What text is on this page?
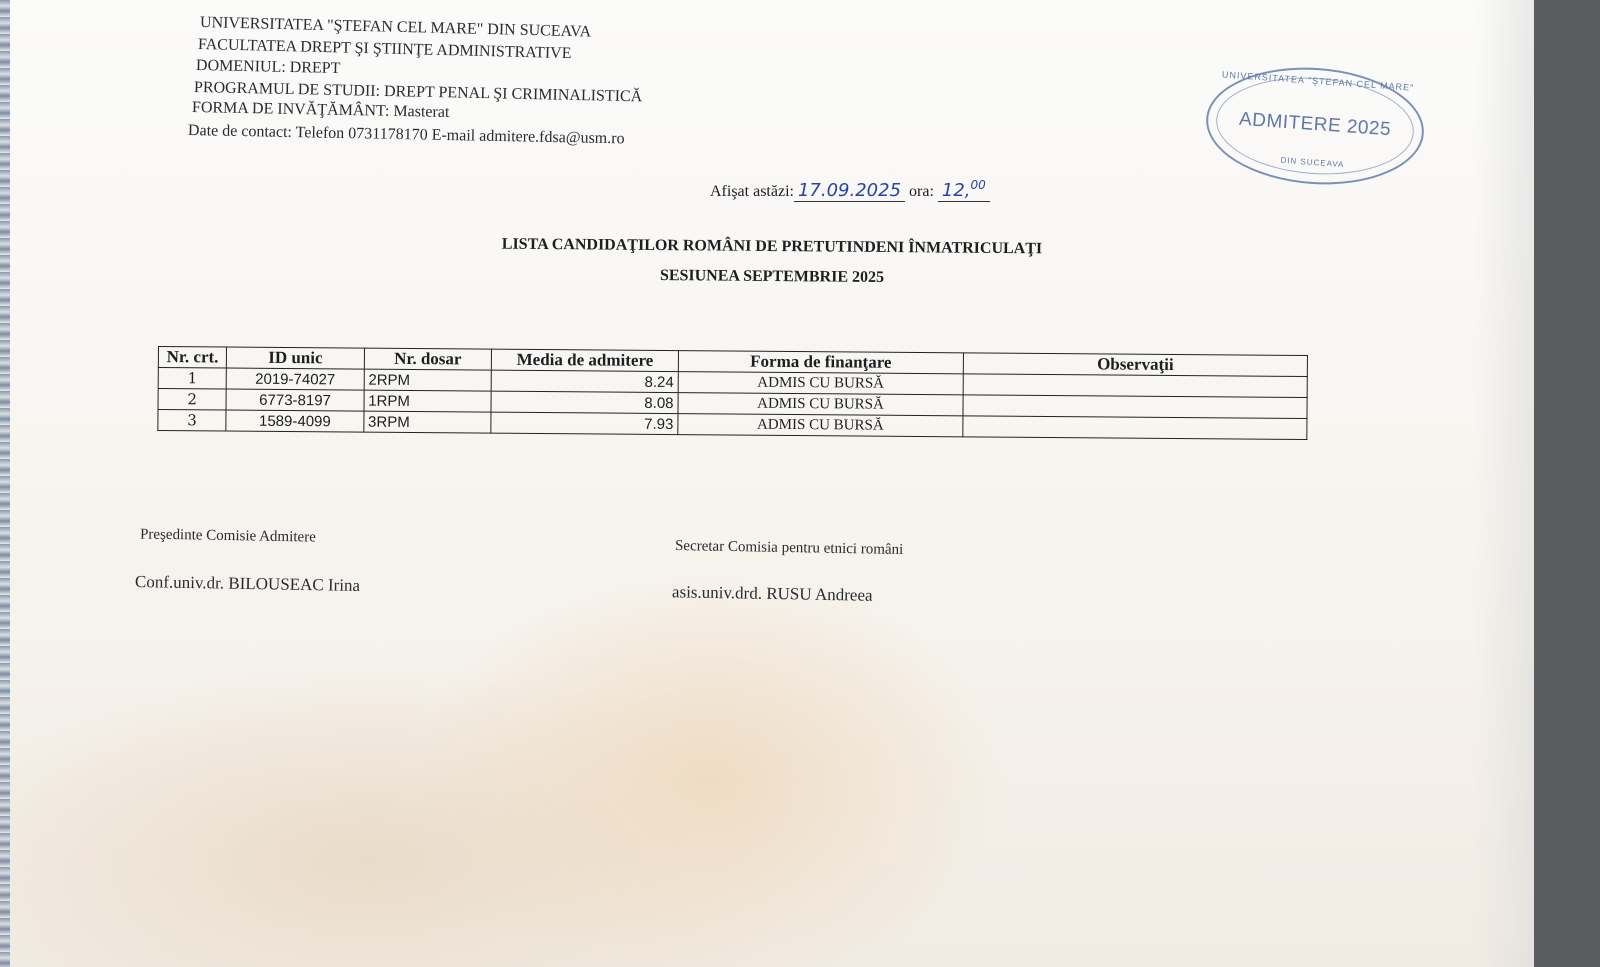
UNIVERSITATEA "ŞTEFAN CEL MARE" DIN SUCEAVA
FACULTATEA DREPT ŞI ŞTIINŢE ADMINISTRATIVE
DOMENIUL: DREPT
PROGRAMUL DE STUDII: DREPT PENAL ŞI CRIMINALISTICĂ
FORMA DE INVĂŢĂMÂNT: Masterat
Date de contact: Telefon 0731178170 E-mail admitere.fdsa@usm.ro
UNIVERSITATEA "ŞTEFAN CEL MARE"
ADMITERE 2025
DIN SUCEAVA
Afişat astăzi: 17.09.2025 ora: 12,00
LISTA CANDIDAŢILOR ROMÂNI DE PRETUTINDENI ÎNMATRICULAŢI
SESIUNEA SEPTEMBRIE 2025
Nr. crt.	ID unic	Nr. dosar	Media de admitere	Forma de finanţare	Observaţii
1	2019-74027	2RPM	8.24	ADMIS CU BURSĂ	
2	6773-8197	1RPM	8.08	ADMIS CU BURSĂ	
3	1589-4099	3RPM	7.93	ADMIS CU BURSĂ	
Preşedinte Comisie Admitere
Conf.univ.dr. BILOUSEAC Irina
Secretar Comisia pentru etnici români
asis.univ.drd. RUSU Andreea
